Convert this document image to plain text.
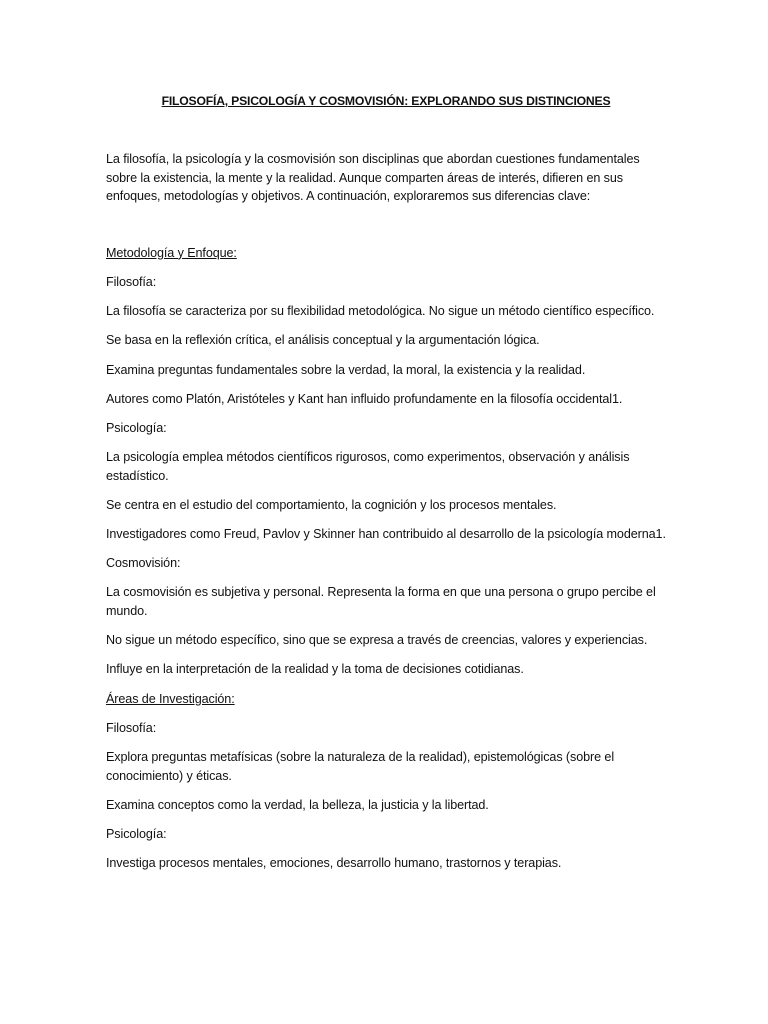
FILOSOFÍA, PSICOLOGÍA Y COSMOVISIÓN: EXPLORANDO SUS DISTINCIONES
La filosofía, la psicología y la cosmovisión son disciplinas que abordan cuestiones fundamentales sobre la existencia, la mente y la realidad. Aunque comparten áreas de interés, difieren en sus enfoques, metodologías y objetivos. A continuación, exploraremos sus diferencias clave:
Metodología y Enfoque:
Filosofía:
La filosofía se caracteriza por su flexibilidad metodológica. No sigue un método científico específico.
Se basa en la reflexión crítica, el análisis conceptual y la argumentación lógica.
Examina preguntas fundamentales sobre la verdad, la moral, la existencia y la realidad.
Autores como Platón, Aristóteles y Kant han influido profundamente en la filosofía occidental1.
Psicología:
La psicología emplea métodos científicos rigurosos, como experimentos, observación y análisis estadístico.
Se centra en el estudio del comportamiento, la cognición y los procesos mentales.
Investigadores como Freud, Pavlov y Skinner han contribuido al desarrollo de la psicología moderna1.
Cosmovisión:
La cosmovisión es subjetiva y personal. Representa la forma en que una persona o grupo percibe el mundo.
No sigue un método específico, sino que se expresa a través de creencias, valores y experiencias.
Influye en la interpretación de la realidad y la toma de decisiones cotidianas.
Áreas de Investigación:
Filosofía:
Explora preguntas metafísicas (sobre la naturaleza de la realidad), epistemológicas (sobre el conocimiento) y éticas.
Examina conceptos como la verdad, la belleza, la justicia y la libertad.
Psicología:
Investiga procesos mentales, emociones, desarrollo humano, trastornos y terapias.
